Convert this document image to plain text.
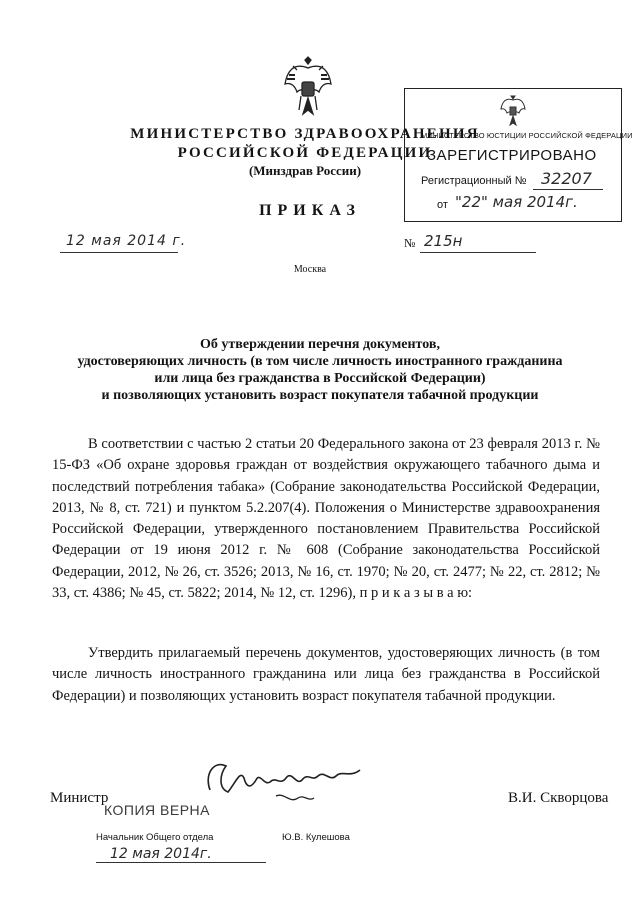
МИНИСТЕРСТВО ЗДРАВООХРАНЕНИЯ
РОССИЙСКОЙ ФЕДЕРАЦИИ
(Минздрав России)
ПРИКАЗ
12 мая 2014 г.	№ 215н
Москва
МИНИСТЕРСТВО ЮСТИЦИИ РОССИЙСКОЙ ФЕДЕРАЦИИ
ЗАРЕГИСТРИРОВАНО
Регистрационный № 32207
от "22" мая 2014г.
Об утверждении перечня документов,
удостоверяющих личность (в том числе личность иностранного гражданина
или лица без гражданства в Российской Федерации)
и позволяющих установить возраст покупателя табачной продукции

В соответствии с частью 2 статьи 20 Федерального закона от 23 февраля 2013 г. № 15-ФЗ «Об охране здоровья граждан от воздействия окружающего табачного дыма и последствий потребления табака» (Собрание законодательства Российской Федерации, 2013, № 8, ст. 721) и пунктом 5.2.207(4). Положения о Министерстве здравоохранения Российской Федерации, утвержденного постановлением Правительства Российской Федерации от 19 июня 2012 г. № 608 (Собрание законодательства Российской Федерации, 2012, № 26, ст. 3526; 2013, № 16, ст. 1970; № 20, ст. 2477; № 22, ст. 2812; № 33, ст. 4386; № 45, ст. 5822; 2014, № 12, ст. 1296), п р и к а з ы в а ю:

Утвердить прилагаемый перечень документов, удостоверяющих личность (в том числе личность иностранного гражданина или лица без гражданства в Российской Федерации) и позволяющих установить возраст покупателя табачной продукции.

Министр	В.И. Скворцова
КОПИЯ ВЕРНА
Начальник Общего отдела	Ю.В. Кулешова
12 мая 2014г.
